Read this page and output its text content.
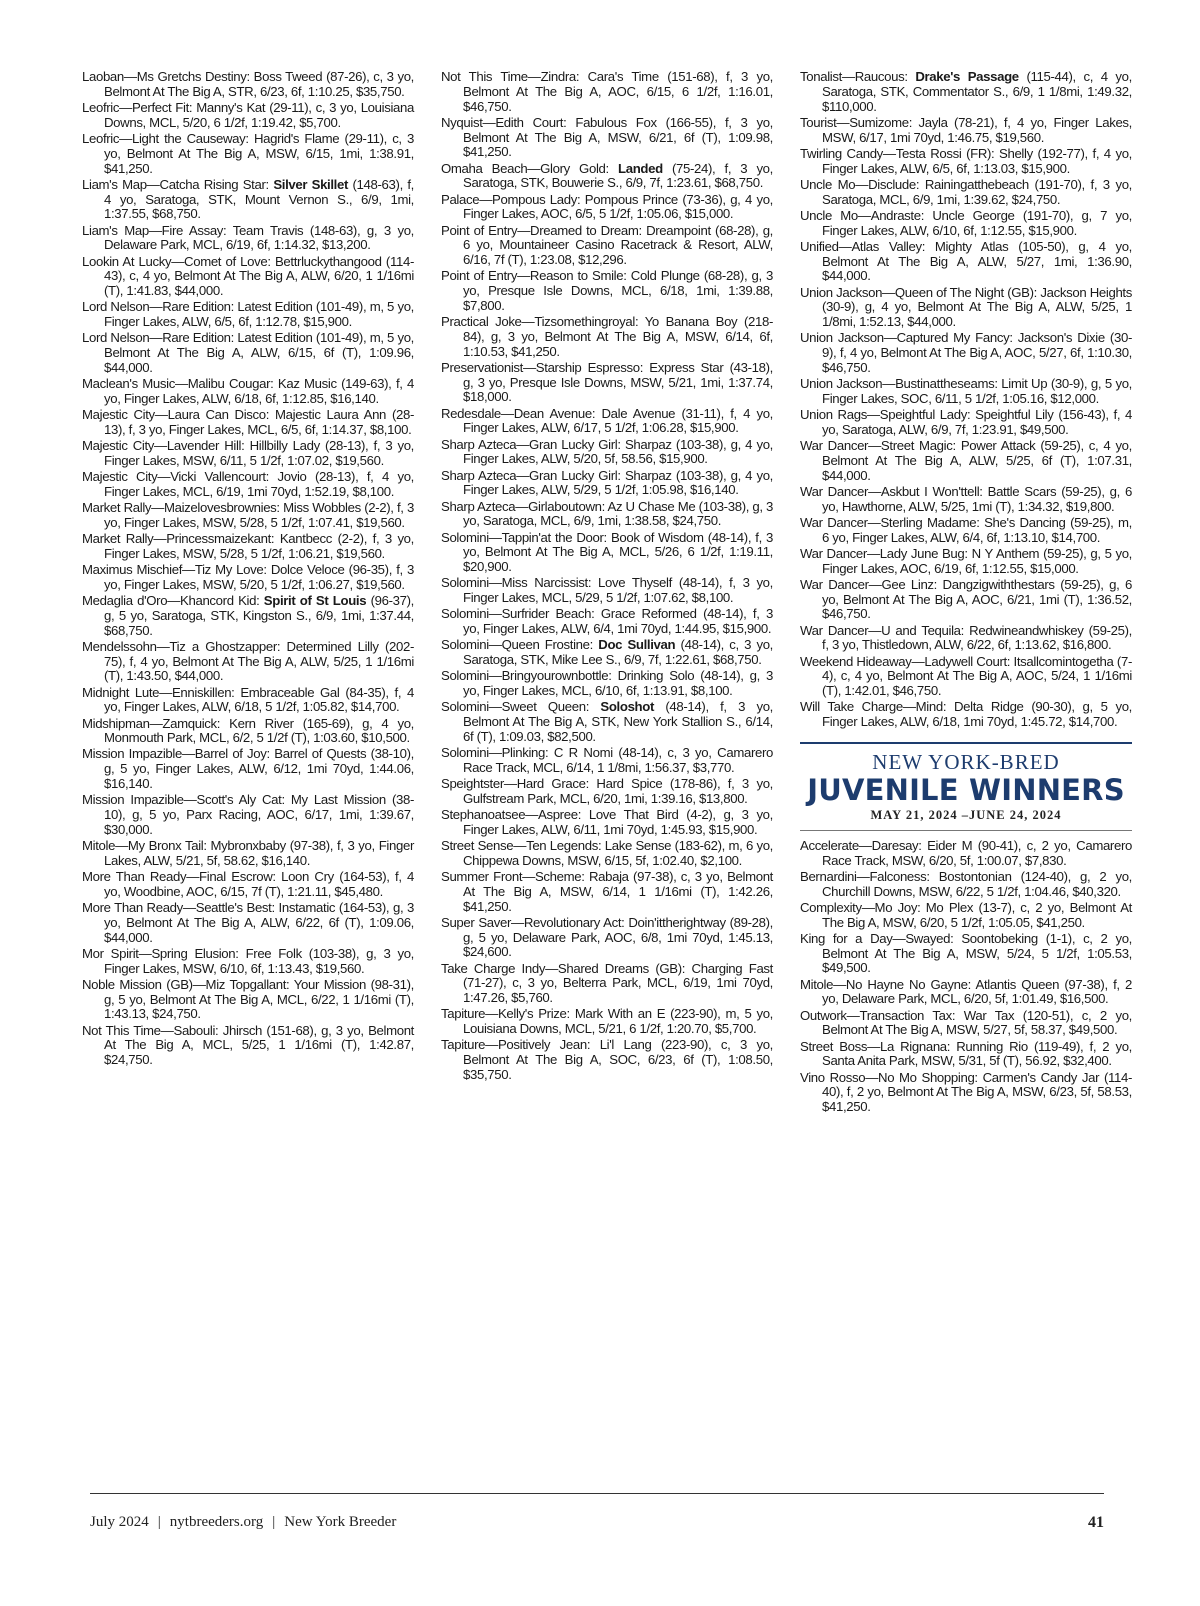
Laoban—Ms Gretchs Destiny: Boss Tweed (87-26), c, 3 yo, Belmont At The Big A, STR, 6/23, 6f, 1:10.25, $35,750.

Leofric—Perfect Fit: Manny's Kat (29-11), c, 3 yo, Louisiana Downs, MCL, 5/20, 6 1/2f, 1:19.42, $5,700.

Leofric—Light the Causeway: Hagrid's Flame (29-11), c, 3 yo, Belmont At The Big A, MSW, 6/15, 1mi, 1:38.91, $41,250.

Liam's Map—Catcha Rising Star: Silver Skillet (148-63), f, 4 yo, Saratoga, STK, Mount Vernon S., 6/9, 1mi, 1:37.55, $68,750.

Liam's Map—Fire Assay: Team Travis (148-63), g, 3 yo, Delaware Park, MCL, 6/19, 6f, 1:14.32, $13,200.

Lookin At Lucky—Comet of Love: Bettrluckythangood (114-43), c, 4 yo, Belmont At The Big A, ALW, 6/20, 1 1/16mi (T), 1:41.83, $44,000.

Lord Nelson—Rare Edition: Latest Edition (101-49), m, 5 yo, Finger Lakes, ALW, 6/5, 6f, 1:12.78, $15,900.

Lord Nelson—Rare Edition: Latest Edition (101-49), m, 5 yo, Belmont At The Big A, ALW, 6/15, 6f (T), 1:09.96, $44,000.

Maclean's Music—Malibu Cougar: Kaz Music (149-63), f, 4 yo, Finger Lakes, ALW, 6/18, 6f, 1:12.85, $16,140.

Majestic City—Laura Can Disco: Majestic Laura Ann (28-13), f, 3 yo, Finger Lakes, MCL, 6/5, 6f, 1:14.37, $8,100.

Majestic City—Lavender Hill: Hillbilly Lady (28-13), f, 3 yo, Finger Lakes, MSW, 6/11, 5 1/2f, 1:07.02, $19,560.

Majestic City—Vicki Vallencourt: Jovio (28-13), f, 4 yo, Finger Lakes, MCL, 6/19, 1mi 70yd, 1:52.19, $8,100.

Market Rally—Maizelovesbrownies: Miss Wobbles (2-2), f, 3 yo, Finger Lakes, MSW, 5/28, 5 1/2f, 1:07.41, $19,560.

Market Rally—Princessmaizekant: Kantbecc (2-2), f, 3 yo, Finger Lakes, MSW, 5/28, 5 1/2f, 1:06.21, $19,560.

Maximus Mischief—Tiz My Love: Dolce Veloce (96-35), f, 3 yo, Finger Lakes, MSW, 5/20, 5 1/2f, 1:06.27, $19,560.

Medaglia d'Oro—Khancord Kid: Spirit of St Louis (96-37), g, 5 yo, Saratoga, STK, Kingston S., 6/9, 1mi, 1:37.44, $68,750.

Mendelssohn—Tiz a Ghostzapper: Determined Lilly (202-75), f, 4 yo, Belmont At The Big A, ALW, 5/25, 1 1/16mi (T), 1:43.50, $44,000.

Midnight Lute—Enniskillen: Embraceable Gal (84-35), f, 4 yo, Finger Lakes, ALW, 6/18, 5 1/2f, 1:05.82, $14,700.

Midshipman—Zamquick: Kern River (165-69), g, 4 yo, Monmouth Park, MCL, 6/2, 5 1/2f (T), 1:03.60, $10,500.

Mission Impazible—Barrel of Joy: Barrel of Quests (38-10), g, 5 yo, Finger Lakes, ALW, 6/12, 1mi 70yd, 1:44.06, $16,140.

Mission Impazible—Scott's Aly Cat: My Last Mission (38-10), g, 5 yo, Parx Racing, AOC, 6/17, 1mi, 1:39.67, $30,000.

Mitole—My Bronx Tail: Mybronxbaby (97-38), f, 3 yo, Finger Lakes, ALW, 5/21, 5f, 58.62, $16,140.

More Than Ready—Final Escrow: Loon Cry (164-53), f, 4 yo, Woodbine, AOC, 6/15, 7f (T), 1:21.11, $45,480.

More Than Ready—Seattle's Best: Instamatic (164-53), g, 3 yo, Belmont At The Big A, ALW, 6/22, 6f (T), 1:09.06, $44,000.

Mor Spirit—Spring Elusion: Free Folk (103-38), g, 3 yo, Finger Lakes, MSW, 6/10, 6f, 1:13.43, $19,560.

Noble Mission (GB)—Miz Topgallant: Your Mission (98-31), g, 5 yo, Belmont At The Big A, MCL, 6/22, 1 1/16mi (T), 1:43.13, $24,750.

Not This Time—Sabouli: Jhirsch (151-68), g, 3 yo, Belmont At The Big A, MCL, 5/25, 1 1/16mi (T), 1:42.87, $24,750.

Not This Time—Zindra: Cara's Time (151-68), f, 3 yo, Belmont At The Big A, AOC, 6/15, 6 1/2f, 1:16.01, $46,750.

Nyquist—Edith Court: Fabulous Fox (166-55), f, 3 yo, Belmont At The Big A, MSW, 6/21, 6f (T), 1:09.98, $41,250.

Omaha Beach—Glory Gold: Landed (75-24), f, 3 yo, Saratoga, STK, Bouwerie S., 6/9, 7f, 1:23.61, $68,750.

Palace—Pompous Lady: Pompous Prince (73-36), g, 4 yo, Finger Lakes, AOC, 6/5, 5 1/2f, 1:05.06, $15,000.

Point of Entry—Dreamed to Dream: Dreampoint (68-28), g, 6 yo, Mountaineer Casino Racetrack & Resort, ALW, 6/16, 7f (T), 1:23.08, $12,296.

Point of Entry—Reason to Smile: Cold Plunge (68-28), g, 3 yo, Presque Isle Downs, MCL, 6/18, 1mi, 1:39.88, $7,800.

Practical Joke—Tizsomethingroyal: Yo Banana Boy (218-84), g, 3 yo, Belmont At The Big A, MSW, 6/14, 6f, 1:10.53, $41,250.

Preservationist—Starship Espresso: Express Star (43-18), g, 3 yo, Presque Isle Downs, MSW, 5/21, 1mi, 1:37.74, $18,000.

Redesdale—Dean Avenue: Dale Avenue (31-11), f, 4 yo, Finger Lakes, ALW, 6/17, 5 1/2f, 1:06.28, $15,900.

Sharp Azteca—Gran Lucky Girl: Sharpaz (103-38), g, 4 yo, Finger Lakes, ALW, 5/20, 5f, 58.56, $15,900.

Sharp Azteca—Gran Lucky Girl: Sharpaz (103-38), g, 4 yo, Finger Lakes, ALW, 5/29, 5 1/2f, 1:05.98, $16,140.

Sharp Azteca—Girlaboutown: Az U Chase Me (103-38), g, 3 yo, Saratoga, MCL, 6/9, 1mi, 1:38.58, $24,750.

Solomini—Tappin'at the Door: Book of Wisdom (48-14), f, 3 yo, Belmont At The Big A, MCL, 5/26, 6 1/2f, 1:19.11, $20,900.

Solomini—Miss Narcissist: Love Thyself (48-14), f, 3 yo, Finger Lakes, MCL, 5/29, 5 1/2f, 1:07.62, $8,100.

Solomini—Surfrider Beach: Grace Reformed (48-14), f, 3 yo, Finger Lakes, ALW, 6/4, 1mi 70yd, 1:44.95, $15,900.

Solomini—Queen Frostine: Doc Sullivan (48-14), c, 3 yo, Saratoga, STK, Mike Lee S., 6/9, 7f, 1:22.61, $68,750.

Solomini—Bringyourownbottle: Drinking Solo (48-14), g, 3 yo, Finger Lakes, MCL, 6/10, 6f, 1:13.91, $8,100.

Solomini—Sweet Queen: Soloshot (48-14), f, 3 yo, Belmont At The Big A, STK, New York Stallion S., 6/14, 6f (T), 1:09.03, $82,500.

Solomini—Plinking: C R Nomi (48-14), c, 3 yo, Camarero Race Track, MCL, 6/14, 1 1/8mi, 1:56.37, $3,770.

Speightster—Hard Grace: Hard Spice (178-86), f, 3 yo, Gulfstream Park, MCL, 6/20, 1mi, 1:39.16, $13,800.

Stephanoatsee—Aspree: Love That Bird (4-2), g, 3 yo, Finger Lakes, ALW, 6/11, 1mi 70yd, 1:45.93, $15,900.

Street Sense—Ten Legends: Lake Sense (183-62), m, 6 yo, Chippewa Downs, MSW, 6/15, 5f, 1:02.40, $2,100.

Summer Front—Scheme: Rabaja (97-38), c, 3 yo, Belmont At The Big A, MSW, 6/14, 1 1/16mi (T), 1:42.26, $41,250.

Super Saver—Revolutionary Act: Doin'ittherightway (89-28), g, 5 yo, Delaware Park, AOC, 6/8, 1mi 70yd, 1:45.13, $24,600.

Take Charge Indy—Shared Dreams (GB): Charging Fast (71-27), c, 3 yo, Belterra Park, MCL, 6/19, 1mi 70yd, 1:47.26, $5,760.

Tapiture—Kelly's Prize: Mark With an E (223-90), m, 5 yo, Louisiana Downs, MCL, 5/21, 6 1/2f, 1:20.70, $5,700.

Tapiture—Positively Jean: Li'l Lang (223-90), c, 3 yo, Belmont At The Big A, SOC, 6/23, 6f (T), 1:08.50, $35,750.

Tonalist—Raucous: Drake's Passage (115-44), c, 4 yo, Saratoga, STK, Commentator S., 6/9, 1 1/8mi, 1:49.32, $110,000.

Tourist—Sumizome: Jayla (78-21), f, 4 yo, Finger Lakes, MSW, 6/17, 1mi 70yd, 1:46.75, $19,560.

Twirling Candy—Testa Rossi (FR): Shelly (192-77), f, 4 yo, Finger Lakes, ALW, 6/5, 6f, 1:13.03, $15,900.

Uncle Mo—Disclude: Rainingatthebeach (191-70), f, 3 yo, Saratoga, MCL, 6/9, 1mi, 1:39.62, $24,750.

Uncle Mo—Andraste: Uncle George (191-70), g, 7 yo, Finger Lakes, ALW, 6/10, 6f, 1:12.55, $15,900.

Unified—Atlas Valley: Mighty Atlas (105-50), g, 4 yo, Belmont At The Big A, ALW, 5/27, 1mi, 1:36.90, $44,000.

Union Jackson—Queen of The Night (GB): Jackson Heights (30-9), g, 4 yo, Belmont At The Big A, ALW, 5/25, 1 1/8mi, 1:52.13, $44,000.

Union Jackson—Captured My Fancy: Jackson's Dixie (30-9), f, 4 yo, Belmont At The Big A, AOC, 5/27, 6f, 1:10.30, $46,750.

Union Jackson—Bustinattheseams: Limit Up (30-9), g, 5 yo, Finger Lakes, SOC, 6/11, 5 1/2f, 1:05.16, $12,000.

Union Rags—Speightful Lady: Speightful Lily (156-43), f, 4 yo, Saratoga, ALW, 6/9, 7f, 1:23.91, $49,500.

War Dancer—Street Magic: Power Attack (59-25), c, 4 yo, Belmont At The Big A, ALW, 5/25, 6f (T), 1:07.31, $44,000.

War Dancer—Askbut I Won'ttell: Battle Scars (59-25), g, 6 yo, Hawthorne, ALW, 5/25, 1mi (T), 1:34.32, $19,800.

War Dancer—Sterling Madame: She's Dancing (59-25), m, 6 yo, Finger Lakes, ALW, 6/4, 6f, 1:13.10, $14,700.

War Dancer—Lady June Bug: N Y Anthem (59-25), g, 5 yo, Finger Lakes, AOC, 6/19, 6f, 1:12.55, $15,000.

War Dancer—Gee Linz: Dangzigwiththestars (59-25), g, 6 yo, Belmont At The Big A, AOC, 6/21, 1mi (T), 1:36.52, $46,750.

War Dancer—U and Tequila: Redwineandwhiskey (59-25), f, 3 yo, Thistledown, ALW, 6/22, 6f, 1:13.62, $16,800.

Weekend Hideaway—Ladywell Court: Itsallcomintogetha (7-4), c, 4 yo, Belmont At The Big A, AOC, 5/24, 1 1/16mi (T), 1:42.01, $46,750.

Will Take Charge—Mind: Delta Ridge (90-30), g, 5 yo, Finger Lakes, ALW, 6/18, 1mi 70yd, 1:45.72, $14,700.

NEW YORK-BRED
JUVENILE WINNERS
MAY 21, 2024 –JUNE 24, 2024

Accelerate—Daresay: Eider M (90-41), c, 2 yo, Camarero Race Track, MSW, 6/20, 5f, 1:00.07, $7,830.

Bernardini—Falconess: Bostontonian (124-40), g, 2 yo, Churchill Downs, MSW, 6/22, 5 1/2f, 1:04.46, $40,320.

Complexity—Mo Joy: Mo Plex (13-7), c, 2 yo, Belmont At The Big A, MSW, 6/20, 5 1/2f, 1:05.05, $41,250.

King for a Day—Swayed: Soontobeking (1-1), c, 2 yo, Belmont At The Big A, MSW, 5/24, 5 1/2f, 1:05.53, $49,500.

Mitole—No Hayne No Gayne: Atlantis Queen (97-38), f, 2 yo, Delaware Park, MCL, 6/20, 5f, 1:01.49, $16,500.

Outwork—Transaction Tax: War Tax (120-51), c, 2 yo, Belmont At The Big A, MSW, 5/27, 5f, 58.37, $49,500.

Street Boss—La Rignana: Running Rio (119-49), f, 2 yo, Santa Anita Park, MSW, 5/31, 5f (T), 56.92, $32,400.

Vino Rosso—No Mo Shopping: Carmen's Candy Jar (114-40), f, 2 yo, Belmont At The Big A, MSW, 6/23, 5f, 58.53, $41,250.

July 2024 | nytbreeders.org | New York Breeder	41
